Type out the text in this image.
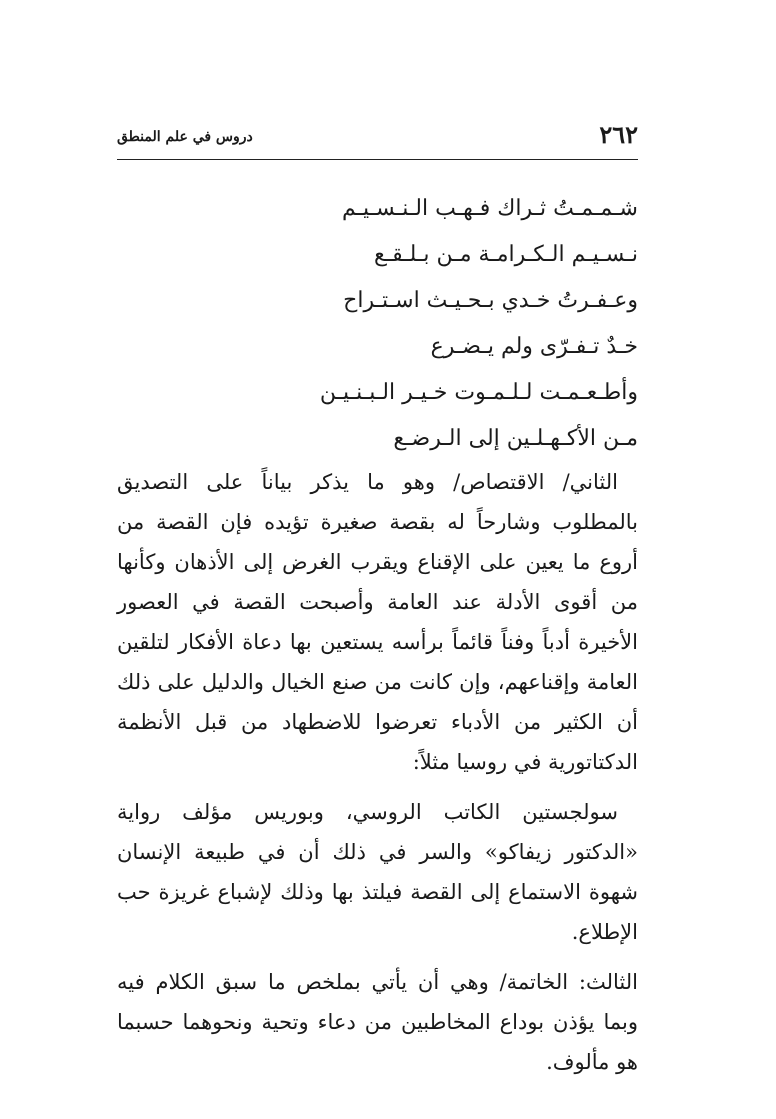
٢٦٢
دروس في علم المنطق
شـمـمـتُ ثـراك فـهـب الـنـسـيـم
نـسـيـم الـكـرامـة مـن بـلـقـع
وعـفـرتُ خـدي بـحـيـث اسـتـراح
خـدٌ تـفـرّى ولم يـضـرع
وأطـعـمـت لـلـمـوت خـيـر الـبـنـيـن
مـن الأكـهـلـين إلى الـرضـع

الثاني/ الاقتصاص/ وهو ما يذكر بياناً على التصديق بالمطلوب وشارحاً له بقصة صغيرة تؤيده فإن القصة من أروع ما يعين على الإقناع ويقرب الغرض إلى الأذهان وكأنها من أقوى الأدلة عند العامة وأصبحت القصة في العصور الأخيرة أدباً وفناً قائماً برأسه يستعين بها دعاة الأفكار لتلقين العامة وإقناعهم، وإن كانت من صنع الخيال والدليل على ذلك أن الكثير من الأدباء تعرضوا للاضطهاد من قبل الأنظمة الدكتاتورية في روسيا مثلاً:

سولجستين الكاتب الروسي، وبوريس مؤلف رواية «الدكتور زيفاكو» والسر في ذلك أن في طبيعة الإنسان شهوة الاستماع إلى القصة فيلتذ بها وذلك لإشباع غريزة حب الإطلاع.

الثالث: الخاتمة/ وهي أن يأتي بملخص ما سبق الكلام فيه وبما يؤذن بوداع المخاطبين من دعاء وتحية ونحوهما حسبما هو مألوف.
